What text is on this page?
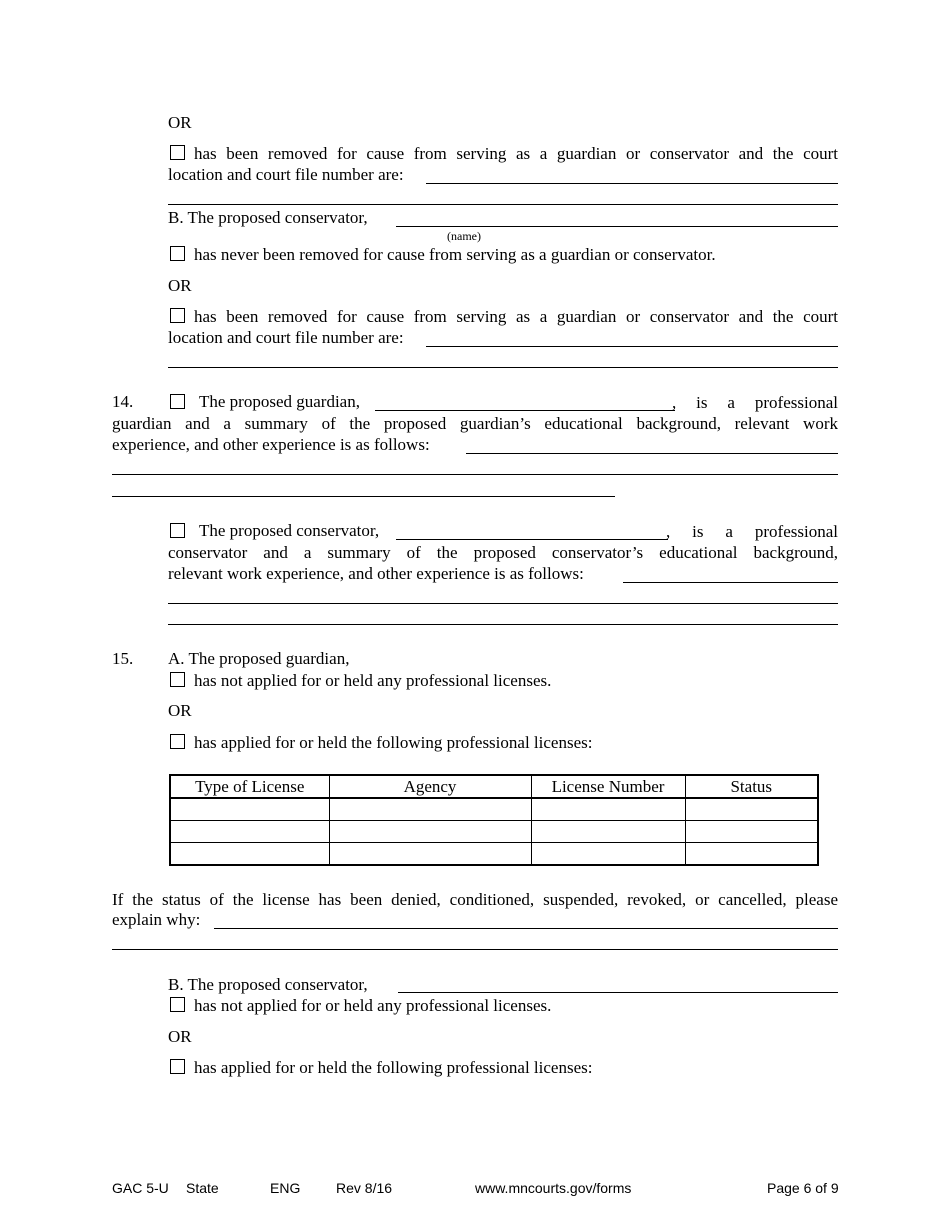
OR
has been removed for cause from serving as a guardian or conservator and the court
location and court file number are:
B. The proposed conservator,
(name)
has never been removed for cause from serving as a guardian or conservator.
OR
has been removed for cause from serving as a guardian or conservator and the court
location and court file number are:
14.	The proposed guardian,	, is a professional
guardian and a summary of the proposed guardian’s educational background, relevant work
experience, and other experience is as follows:
The proposed conservator,	, is a professional
conservator and a summary of the proposed conservator’s educational background,
relevant work experience, and other experience is as follows:
15. A. The proposed guardian,
has not applied for or held any professional licenses.
OR
has applied for or held the following professional licenses:
Type of License	Agency	License Number	Status

If the status of the license has been denied, conditioned, suspended, revoked, or cancelled, please
explain why:
B. The proposed conservator,
has not applied for or held any professional licenses.
OR
has applied for or held the following professional licenses:
GAC 5-U State	ENG	Rev 8/16	www.mncourts.gov/forms	Page 6 of 9
